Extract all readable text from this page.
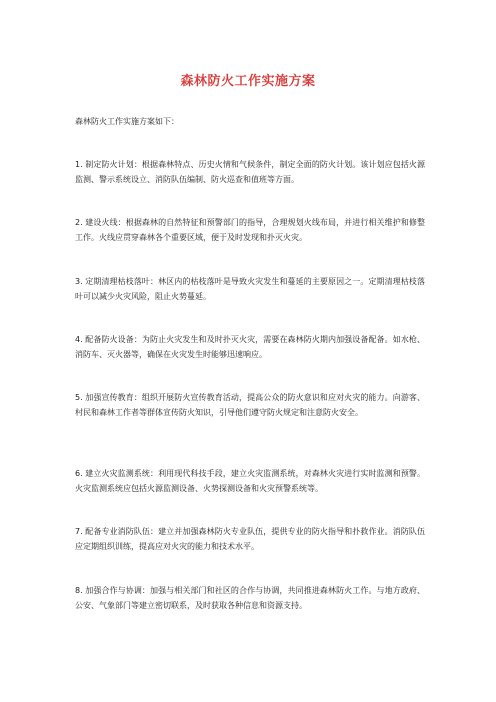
森林防火工作实施方案
森林防火工作实施方案如下：
1. 制定防火计划：根据森林特点、历史火情和气候条件，制定全面的防火计划。该计划应包括火源监测、警示系统设立、消防队伍编制、防火巡查和值班等方面。
2. 建设火线：根据森林的自然特征和预警部门的指导，合理规划火线布局，并进行相关维护和修整工作。火线应贯穿森林各个重要区域，便于及时发现和扑灭火灾。
3. 定期清理枯枝落叶：林区内的枯枝落叶是导致火灾发生和蔓延的主要原因之一。定期清理枯枝落叶可以减少火灾风险，阻止火势蔓延。
4. 配备防火设备：为防止火灾发生和及时扑灭火灾，需要在森林防火期内加强设备配备。如水枪、消防车、灭火器等，确保在火灾发生时能够迅速响应。
5. 加强宣传教育：组织开展防火宣传教育活动，提高公众的防火意识和应对火灾的能力。向游客、村民和森林工作者等群体宣传防火知识，引导他们遵守防火规定和注意防火安全。
6. 建立火灾监测系统：利用现代科技手段，建立火灾监测系统，对森林火灾进行实时监测和预警。火灾监测系统应包括火源监测设备、火势探测设备和火灾预警系统等。
7. 配备专业消防队伍：建立并加强森林防火专业队伍，提供专业的防火指导和扑救作业。消防队伍应定期组织训练，提高应对火灾的能力和技术水平。
8. 加强合作与协调：加强与相关部门和社区的合作与协调，共同推进森林防火工作。与地方政府、公安、气象部门等建立密切联系，及时获取各种信息和资源支持。
